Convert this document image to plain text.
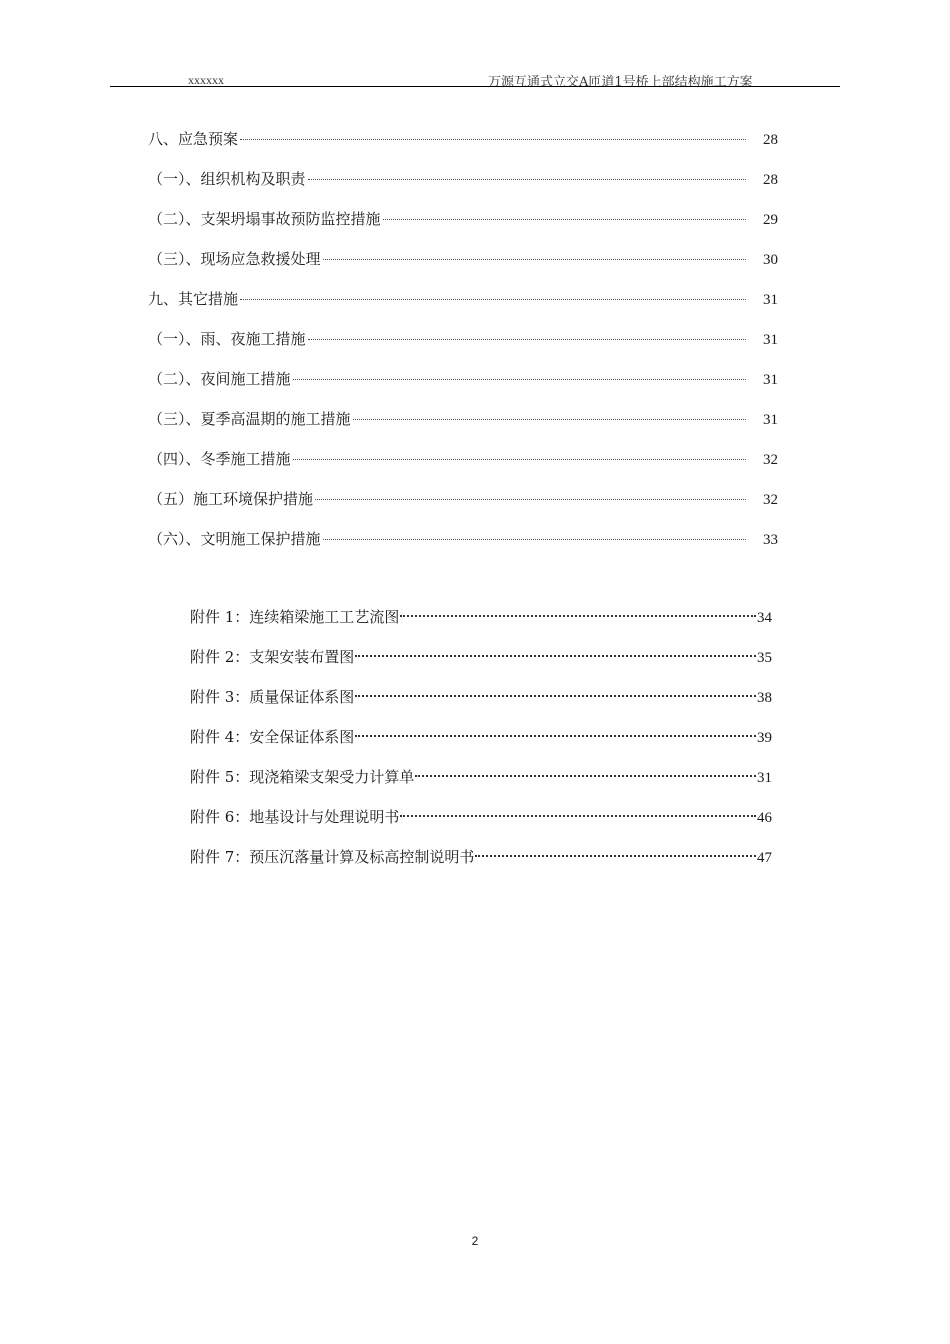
xxxxxx	万源互通式立交A匝道1号桥上部结构施工方案
八、应急预案	28
（一）、组织机构及职责	28
（二）、支架坍塌事故预防监控措施	29
（三）、现场应急救援处理	30
九、其它措施	31
（一）、雨、夜施工措施	31
（二）、夜间施工措施	31
（三）、夏季高温期的施工措施	31
（四）、冬季施工措施	32
（五）施工环境保护措施	32
（六）、文明施工保护措施	33
附件 1：连续箱梁施工工艺流图	34
附件 2：支架安装布置图	35
附件 3：质量保证体系图	38
附件 4：安全保证体系图	39
附件 5：现浇箱梁支架受力计算单	31
附件 6：地基设计与处理说明书	46
附件 7：预压沉落量计算及标高控制说明书	47
2
